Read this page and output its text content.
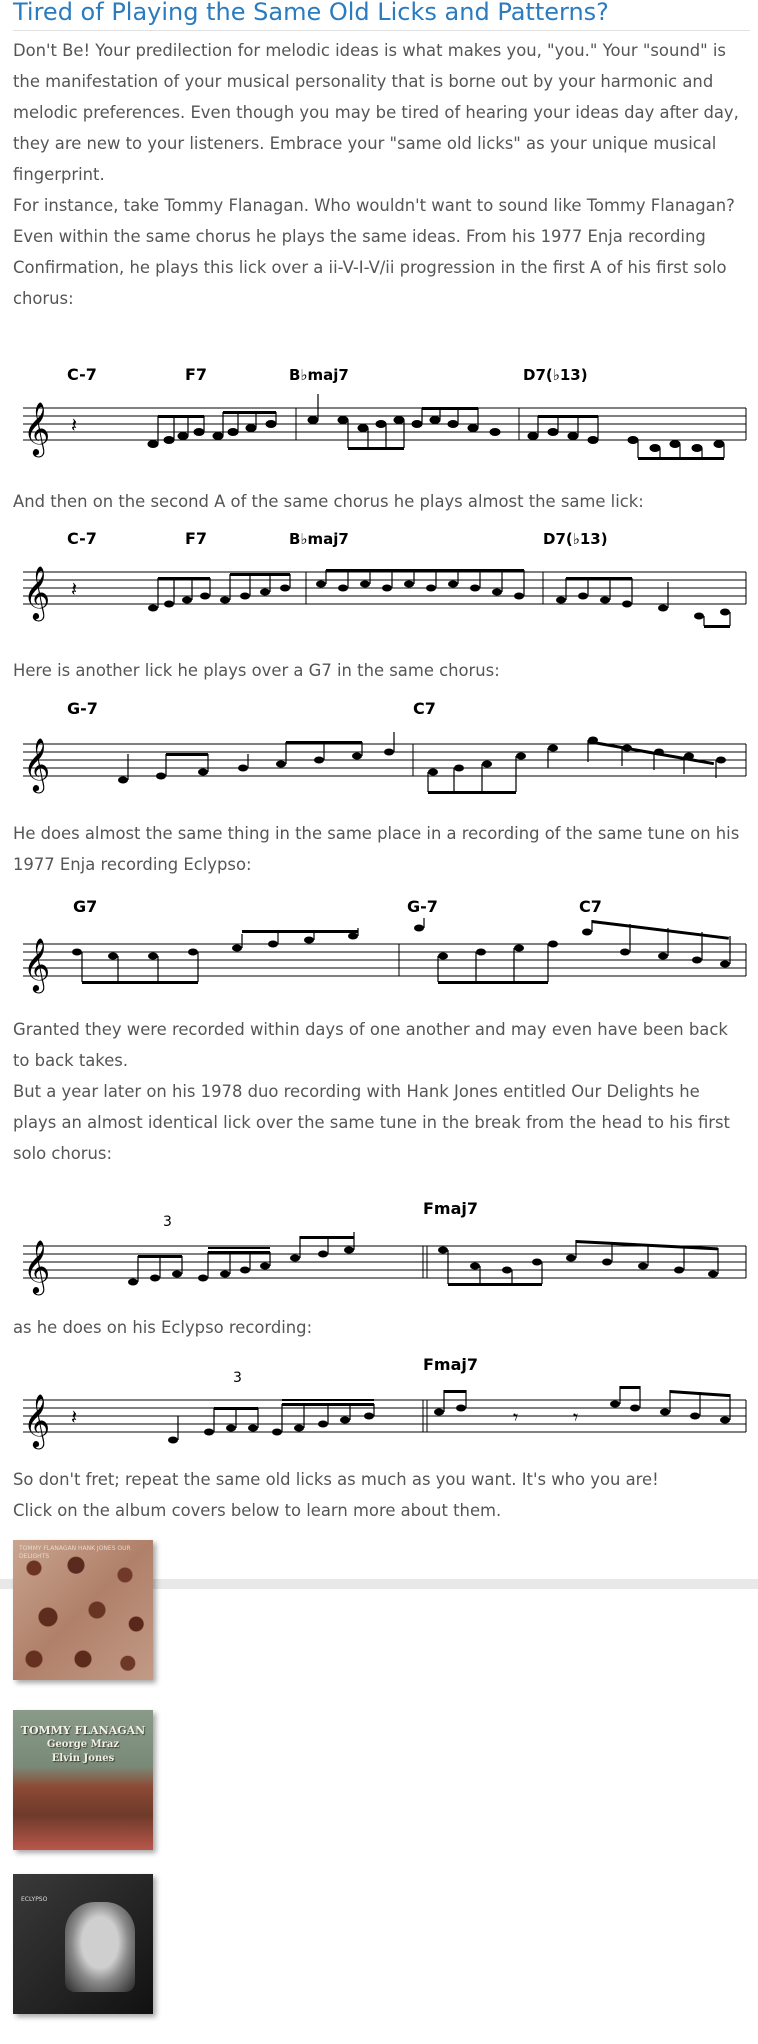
Tired of Playing the Same Old Licks and Patterns?

Don't Be! Your predilection for melodic ideas is what makes you, "you." Your "sound" is the manifestation of your musical personality that is borne out by your harmonic and melodic preferences. Even though you may be tired of hearing your ideas day after day, they are new to your listeners. Embrace your "same old licks" as your unique musical fingerprint.

For instance, take Tommy Flanagan. Who wouldn't want to sound like Tommy Flanagan? Even within the same chorus he plays the same ideas. From his 1977 Enja recording Confirmation, he plays this lick over a ii-V-I-V/ii progression in the first A of his first solo chorus:

C-7	F7	B♭maj7	D7(♭13)
𝄞 𝄽

And then on the second A of the same chorus he plays almost the same lick:

C-7	F7	B♭maj7	D7(♭13)
𝄞 𝄽

Here is another lick he plays over a G7 in the same chorus:

G-7	C7
𝄞

He does almost the same thing in the same place in a recording of the same tune on his 1977 Enja recording Eclypso:

G7	G-7	C7
𝄞

Granted they were recorded within days of one another and may even have been back to back takes.

But a year later on his 1978 duo recording with Hank Jones entitled Our Delights he plays an almost identical lick over the same tune in the break from the head to his first solo chorus:

Fmaj7
3
𝄞

as he does on his Eclypso recording:

Fmaj7
3
𝄞 𝄽	𝄾	𝄾

So don't fret; repeat the same old licks as much as you want. It's who you are!

Click on the album covers below to learn more about them.

TOMMY FLANAGAN HANK JONES OUR DELIGHTS
TOMMY FLANAGAN
George Mraz
Elvin Jones
ECLYPSO
